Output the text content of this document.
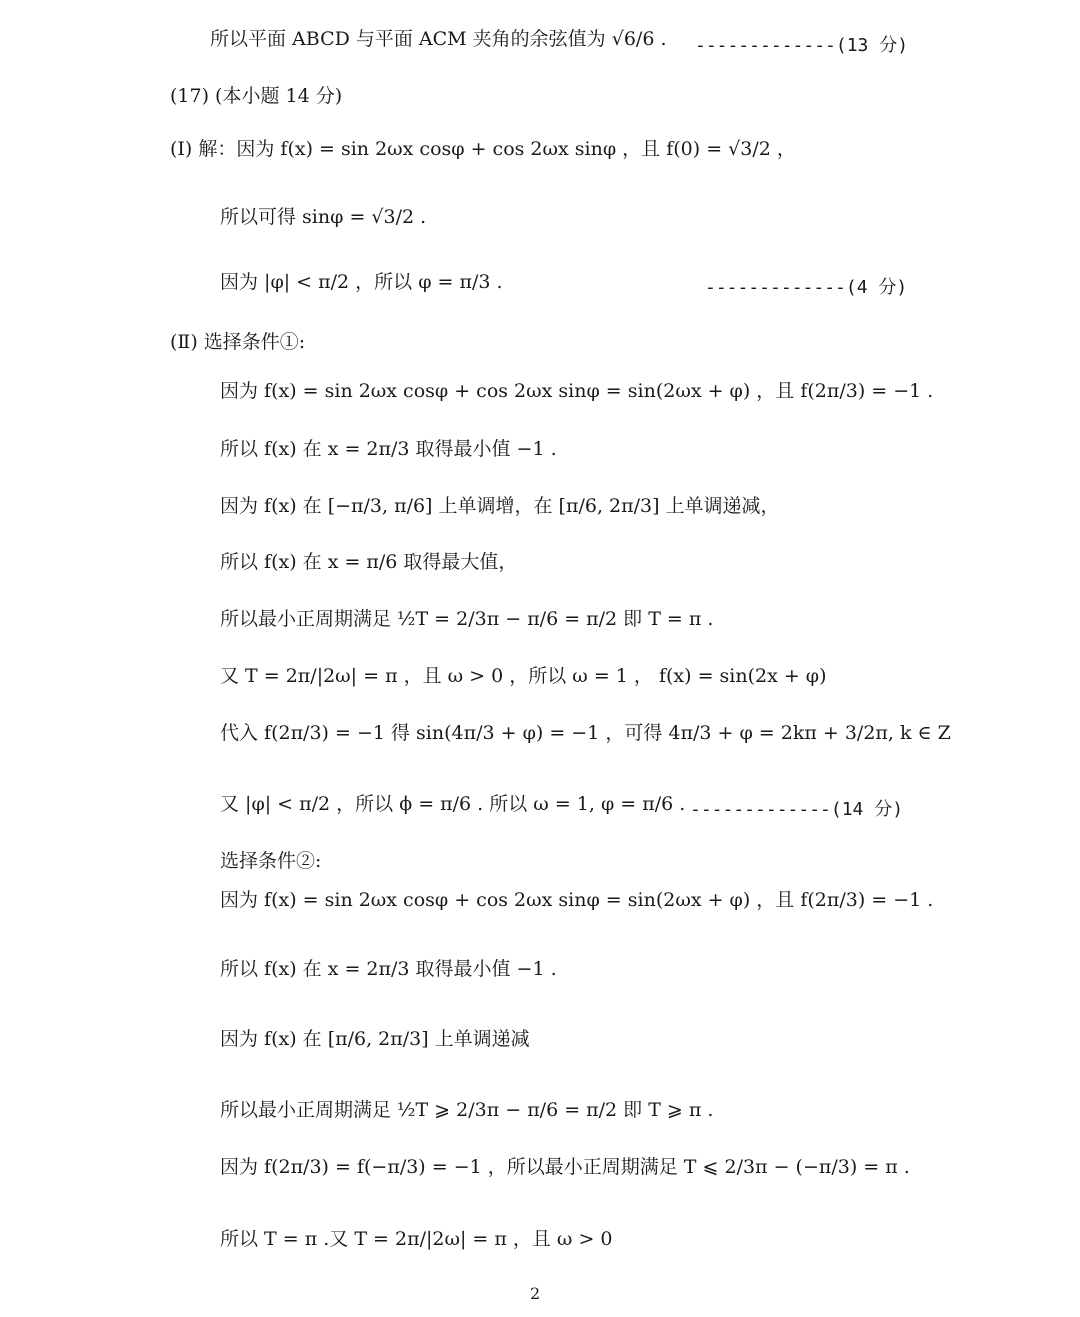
所以平面 ABCD 与平面 ACM 夹角的余弦值为 √6/6 .
(17) (本小题 14 分)
(Ⅰ) 解：因为 f(x) = sin 2ωx cosφ + cos 2ωx sinφ ，且 f(0) = √3/2 ，
所以可得 sinφ = √3/2 .
因为 |φ| < π/2 ，所以 φ = π/3 .
(Ⅱ) 选择条件①:
因为 f(x) = sin 2ωx cosφ + cos 2ωx sinφ = sin(2ωx + φ) ，且 f(2π/3) = −1 .
所以 f(x) 在 x = 2π/3 取得最小值 −1 .
因为 f(x) 在 [−π/3, π/6] 上单调增，在 [π/6, 2π/3] 上单调递减，
所以 f(x) 在 x = π/6 取得最大值，
所以最小正周期满足 ½T = 2/3π − π/6 = π/2 即 T = π .
又 T = 2π/|2ω| = π ，且 ω > 0 ，所以 ω = 1 ， f(x) = sin(2x + φ)
代入 f(2π/3) = −1 得 sin(4π/3 + φ) = −1 ，可得 4π/3 + φ = 2kπ + 3/2π, k ∈ Z
又 |φ| < π/2 ，所以 ϕ = π/6 . 所以 ω = 1, φ = π/6 .
选择条件②:
因为 f(x) = sin 2ωx cosφ + cos 2ωx sinφ = sin(2ωx + φ) ，且 f(2π/3) = −1 .
所以 f(x) 在 x = 2π/3 取得最小值 −1 .
因为 f(x) 在 [π/6, 2π/3] 上单调递减
所以最小正周期满足 ½T ⩾ 2/3π − π/6 = π/2 即 T ⩾ π .
因为 f(2π/3) = f(−π/3) = −1 ，所以最小正周期满足 T ⩽ 2/3π − (−π/3) = π .
所以 T = π .又 T = 2π/|2ω| = π ，且 ω > 0
-------------(13 分)
-------------(4 分)
-------------(14 分)
2
